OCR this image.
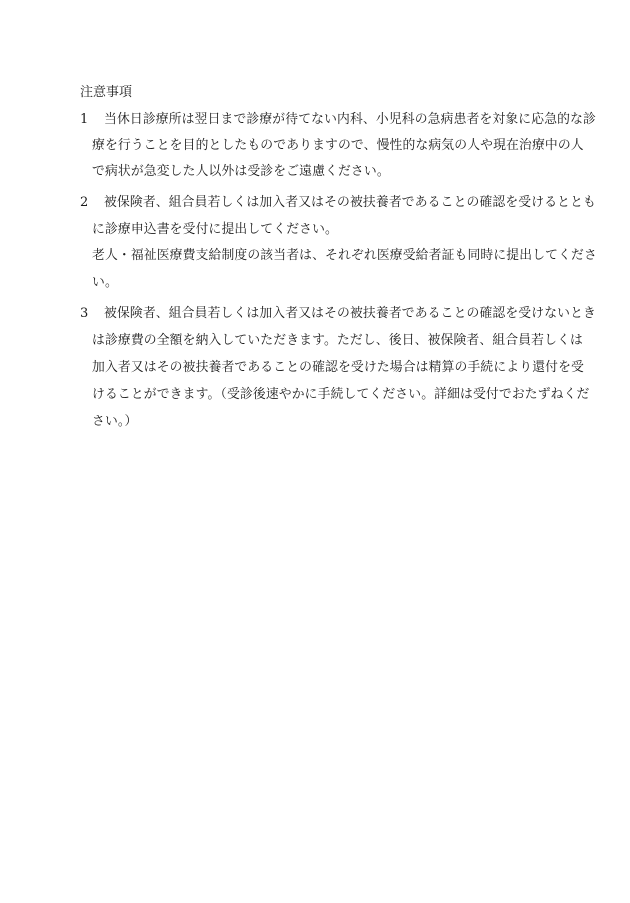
注意事項
1 当休日診療所は翌日まで診療が待てない内科、小児科の急病患者を対象に応急的な診
療を行うことを目的としたものでありますので、慢性的な病気の人や現在治療中の人
で病状が急変した人以外は受診をご遠慮ください。
2 被保険者、組合員若しくは加入者又はその被扶養者であることの確認を受けるととも
に診療申込書を受付に提出してください。
老人・福祉医療費支給制度の該当者は、それぞれ医療受給者証も同時に提出してくださ
い。
3 被保険者、組合員若しくは加入者又はその被扶養者であることの確認を受けないとき
は診療費の全額を納入していただきます。ただし、後日、被保険者、組合員若しくは
加入者又はその被扶養者であることの確認を受けた場合は精算の手続により還付を受
けることができます。（受診後速やかに手続してください。詳細は受付でおたずねくだ
さい。）
